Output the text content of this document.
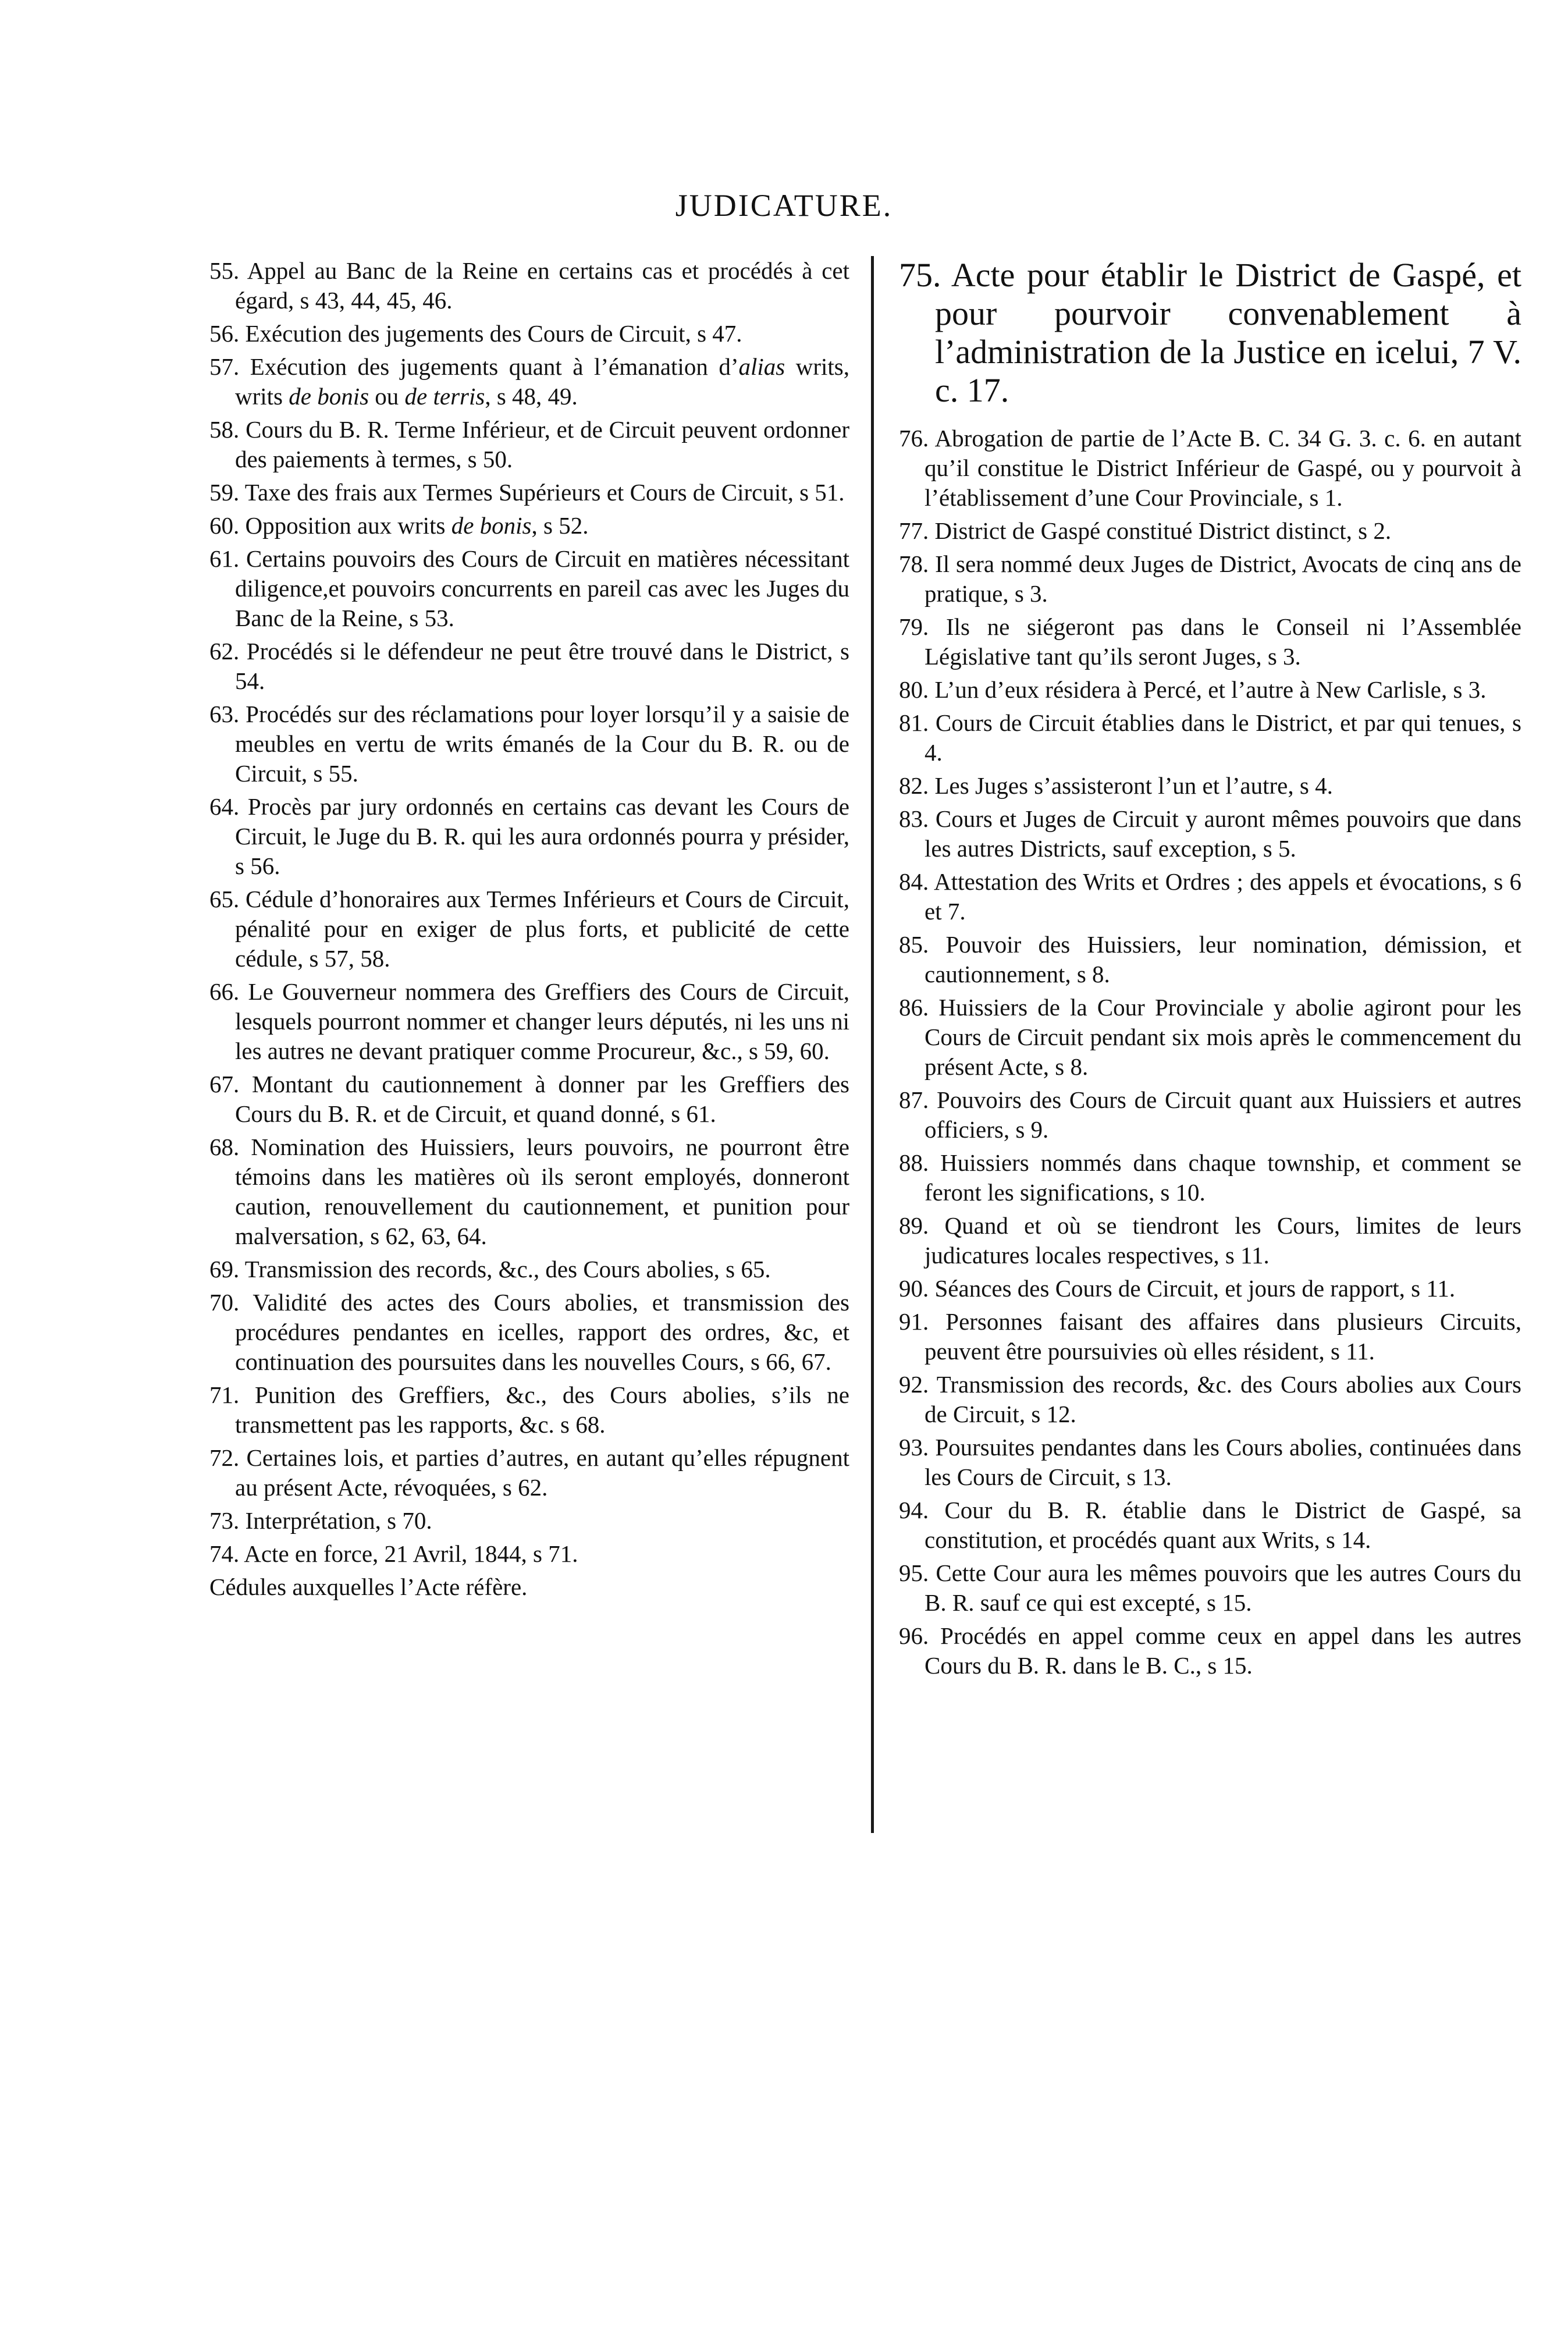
JUDICATURE.

55. Appel au Banc de la Reine en certains cas et procédés à cet égard, s 43, 44, 45, 46.

56. Exécution des jugements des Cours de Circuit, s 47.

57. Exécution des jugements quant à l’émanation d’alias writs, writs de bonis ou de terris, s 48, 49.

58. Cours du B. R. Terme Inférieur, et de Circuit peuvent ordonner des paiements à termes, s 50.

59. Taxe des frais aux Termes Supérieurs et Cours de Circuit, s 51.

60. Opposition aux writs de bonis, s 52.

61. Certains pouvoirs des Cours de Circuit en matières nécessitant diligence,et pouvoirs concurrents en pareil cas avec les Juges du Banc de la Reine, s 53.

62. Procédés si le défendeur ne peut être trouvé dans le District, s 54.

63. Procédés sur des réclamations pour loyer lorsqu’il y a saisie de meubles en vertu de writs émanés de la Cour du B. R. ou de Circuit, s 55.

64. Procès par jury ordonnés en certains cas devant les Cours de Circuit, le Juge du B. R. qui les aura ordonnés pourra y présider, s 56.

65. Cédule d’honoraires aux Termes Inférieurs et Cours de Circuit, pénalité pour en exiger de plus forts, et publicité de cette cédule, s 57, 58.

66. Le Gouverneur nommera des Greffiers des Cours de Circuit, lesquels pourront nommer et changer leurs députés, ni les uns ni les autres ne devant pratiquer comme Procureur, &c., s 59, 60.

67. Montant du cautionnement à donner par les Greffiers des Cours du B. R. et de Circuit, et quand donné, s 61.

68. Nomination des Huissiers, leurs pouvoirs, ne pourront être témoins dans les matières où ils seront employés, donneront caution, renouvellement du cautionnement, et punition pour malversation, s 62, 63, 64.

69. Transmission des records, &c., des Cours abolies, s 65.

70. Validité des actes des Cours abolies, et transmission des procédures pendantes en icelles, rapport des ordres, &c, et continuation des poursuites dans les nouvelles Cours, s 66, 67.

71. Punition des Greffiers, &c., des Cours abolies, s’ils ne transmettent pas les rapports, &c. s 68.

72. Certaines lois, et parties d’autres, en autant qu’elles répugnent au présent Acte, révoquées, s 62.

73. Interprétation, s 70.

74. Acte en force, 21 Avril, 1844, s 71.

Cédules auxquelles l’Acte réfère.

75. Acte pour établir le District de Gaspé, et pour pourvoir convenablement à l’administration de la Justice en icelui, 7 V. c. 17.

76. Abrogation de partie de l’Acte B. C. 34 G. 3. c. 6. en autant qu’il constitue le District Inférieur de Gaspé, ou y pourvoit à l’établissement d’une Cour Provinciale, s 1.

77. District de Gaspé constitué District distinct, s 2.

78. Il sera nommé deux Juges de District, Avocats de cinq ans de pratique, s 3.

79. Ils ne siégeront pas dans le Conseil ni l’Assemblée Législative tant qu’ils seront Juges, s 3.

80. L’un d’eux résidera à Percé, et l’autre à New Carlisle, s 3.

81. Cours de Circuit établies dans le District, et par qui tenues, s 4.

82. Les Juges s’assisteront l’un et l’autre, s 4.

83. Cours et Juges de Circuit y auront mêmes pouvoirs que dans les autres Districts, sauf exception, s 5.

84. Attestation des Writs et Ordres ; des appels et évocations, s 6 et 7.

85. Pouvoir des Huissiers, leur nomination, démission, et cautionnement, s 8.

86. Huissiers de la Cour Provinciale y abolie agiront pour les Cours de Circuit pendant six mois après le commencement du présent Acte, s 8.

87. Pouvoirs des Cours de Circuit quant aux Huissiers et autres officiers, s 9.

88. Huissiers nommés dans chaque township, et comment se feront les significations, s 10.

89. Quand et où se tiendront les Cours, limites de leurs judicatures locales respectives, s 11.

90. Séances des Cours de Circuit, et jours de rapport, s 11.

91. Personnes faisant des affaires dans plusieurs Circuits, peuvent être poursuivies où elles résident, s 11.

92. Transmission des records, &c. des Cours abolies aux Cours de Circuit, s 12.

93. Poursuites pendantes dans les Cours abolies, continuées dans les Cours de Circuit, s 13.

94. Cour du B. R. établie dans le District de Gaspé, sa constitution, et procédés quant aux Writs, s 14.

95. Cette Cour aura les mêmes pouvoirs que les autres Cours du B. R. sauf ce qui est excepté, s 15.

96. Procédés en appel comme ceux en appel dans les autres Cours du B. R. dans le B. C., s 15.
